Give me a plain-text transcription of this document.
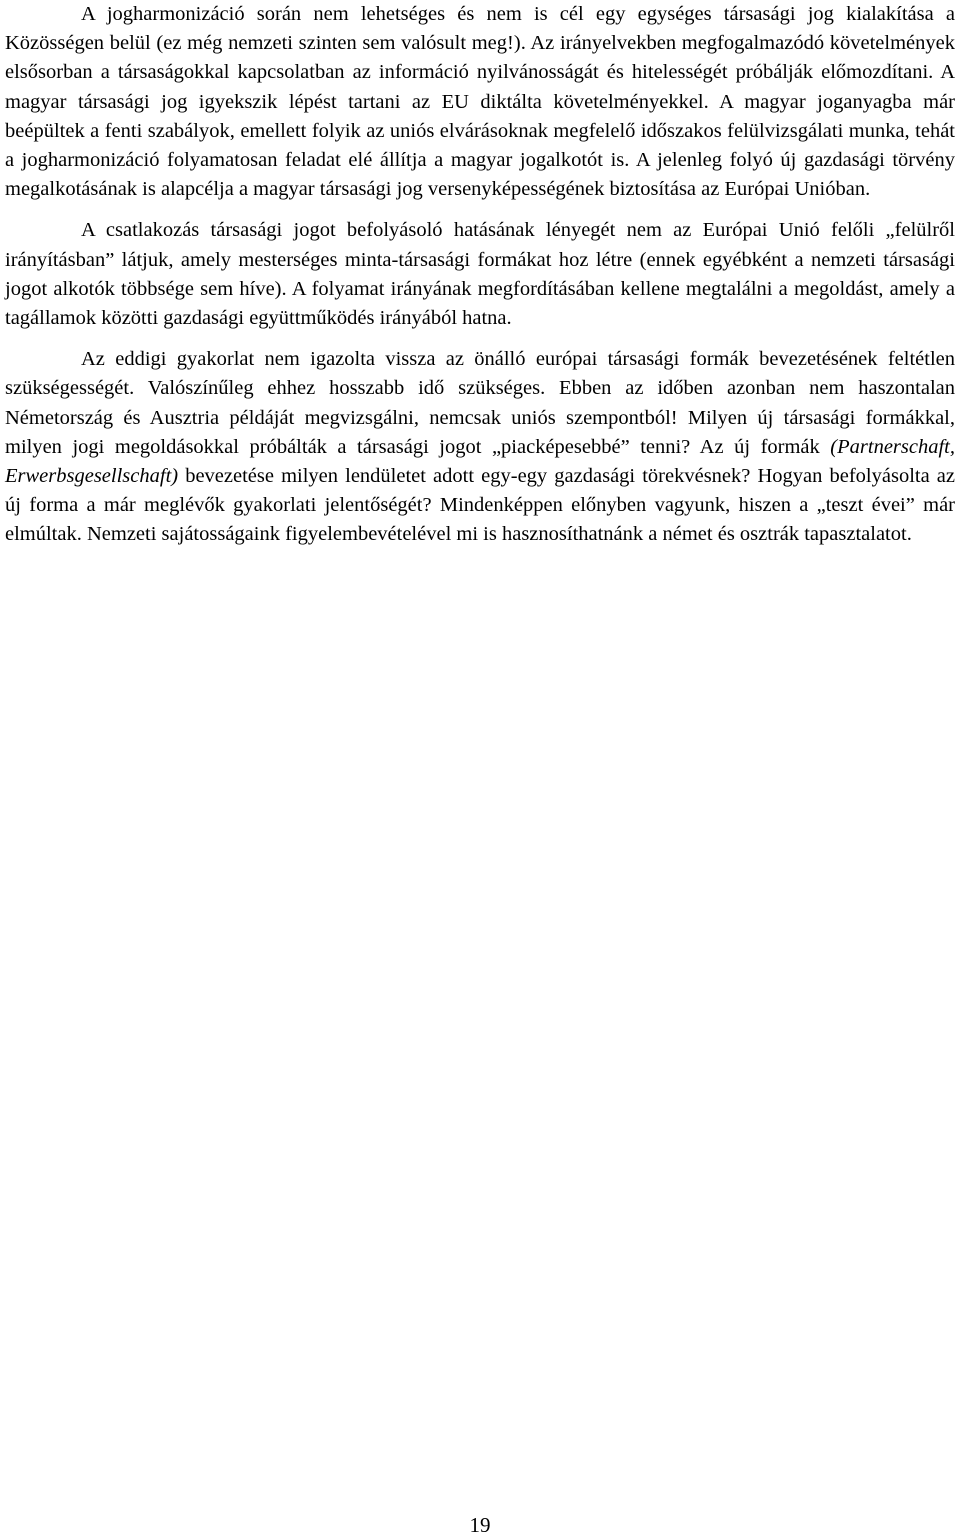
A jogharmonizáció során nem lehetséges és nem is cél egy egységes társasági jog kialakítása a Közösségen belül (ez még nemzeti szinten sem valósult meg!). Az irányelvekben megfogalmazódó követelmények elsősorban a társaságokkal kapcsolatban az információ nyilvánosságát és hitelességét próbálják előmozdítani. A magyar társasági jog igyekszik lépést tartani az EU diktálta követelményekkel. A magyar joganyagba már beépültek a fenti szabályok, emellett folyik az uniós elvárásoknak megfelelő időszakos felülvizsgálati munka, tehát a jogharmonizáció folyamatosan feladat elé állítja a magyar jogalkotót is. A jelenleg folyó új gazdasági törvény megalkotásának is alapcélja a magyar társasági jog versenyképességének biztosítása az Európai Unióban.

A csatlakozás társasági jogot befolyásoló hatásának lényegét nem az Európai Unió felőli „felülről irányításban” látjuk, amely mesterséges minta-társasági formákat hoz létre (ennek egyébként a nemzeti társasági jogot alkotók többsége sem híve). A folyamat irányának megfordításában kellene megtalálni a megoldást, amely a tagállamok közötti gazdasági együttműködés irányából hatna.

Az eddigi gyakorlat nem igazolta vissza az önálló európai társasági formák bevezetésének feltétlen szükségességét. Valószínűleg ehhez hosszabb idő szükséges. Ebben az időben azonban nem haszontalan Németország és Ausztria példáját megvizsgálni, nemcsak uniós szempontból! Milyen új társasági formákkal, milyen jogi megoldásokkal próbálták a társasági jogot „piacképesebbé” tenni? Az új formák (Partnerschaft, Erwerbsgesellschaft) bevezetése milyen lendületet adott egy-egy gazdasági törekvésnek? Hogyan befolyásolta az új forma a már meglévők gyakorlati jelentőségét? Mindenképpen előnyben vagyunk, hiszen a „teszt évei” már elmúltak. Nemzeti sajátosságaink figyelembevételével mi is hasznosíthatnánk a német és osztrák tapasztalatot.

19
